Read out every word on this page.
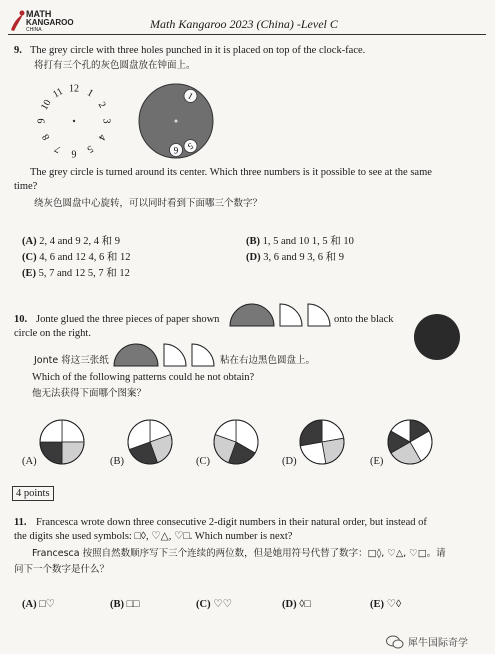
MATH
KANGAROO
CHINA	Math Kangaroo 2023 (China) -Level C
9. The grey circle with three holes punched in it is placed on top of the clock-face.
将打有三个孔的灰色圆盘放在钟面上。
12 1
2
3
4
5
6
7
8
9
10
11	1
5
6
The grey circle is turned around its center. Which three numbers is it possible to see at the same
time?
绕灰色圆盘中心旋转，可以同时看到下面哪三个数字？
(A) 2, 4 and 9 2, 4 和 9	(B) 1, 5 and 10 1, 5 和 10
(C) 4, 6 and 12 4, 6 和 12	(D) 3, 6 and 9 3, 6 和 9
(E) 5, 7 and 12 5, 7 和 12
10. Jonte glued the three pieces of paper shown	onto the black
circle on the right.
Jonte 将这三张纸	粘在右边黑色圆盘上。
Which of the following patterns could he not obtain?
他无法获得下面哪个图案？
(A)	(B)	(C)	(D)	(E)
4 points
11. Francesca wrote down three consecutive 2-digit numbers in their natural order, but instead of
the digits she used symbols: □◊, ♡△, ♡□. Which number is next?
Francesca 按照自然数顺序写下三个连续的两位数，但是她用符号代替了数字：□◊, ♡△, ♡□。请
问下一个数字是什么？
(A) □♡	(B) □□	(C) ♡♡	(D) ◊□	(E) ♡◊
犀牛国际奇学
